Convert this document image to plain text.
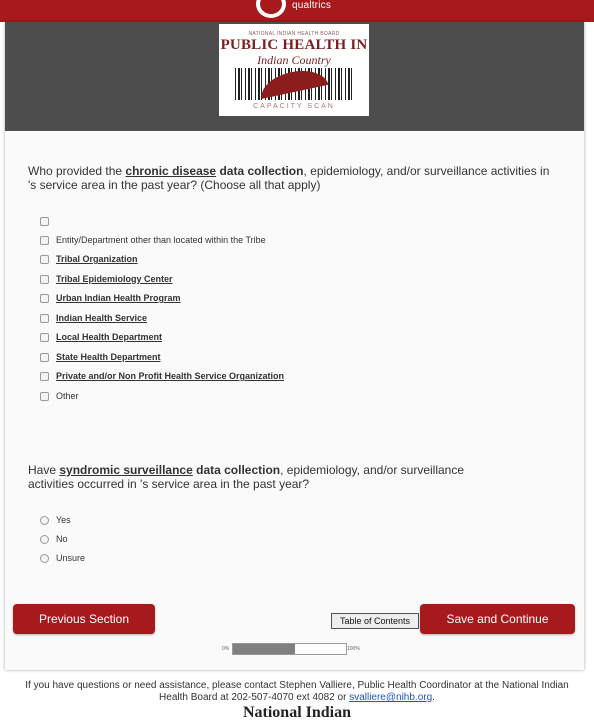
qualtrics
NATIONAL INDIAN HEALTH BOARD
PUBLIC HEALTH IN
Indian Country
CAPACITY SCAN
Who provided the chronic disease data collection, epidemiology, and/or surveillance activities in 's service area in the past year? (Choose all that apply)
Entity/Department other than located within the Tribe
Tribal Organization
Tribal Epidemiology Center
Urban Indian Health Program
Indian Health Service
Local Health Department
State Health Department
Private and/or Non Profit Health Service Organization
Other
Have syndromic surveillance data collection, epidemiology, and/or surveillance activities occurred in 's service area in the past year?
Yes
No
Unsure
Previous Section	Table of Contents	Save and Continue
0%	100%
If you have questions or need assistance, please contact Stephen Valliere, Public Health Coordinator at the National Indian Health Board at 202-507-4070 ext 4082 or svalliere@nihb.org.
National Indian
